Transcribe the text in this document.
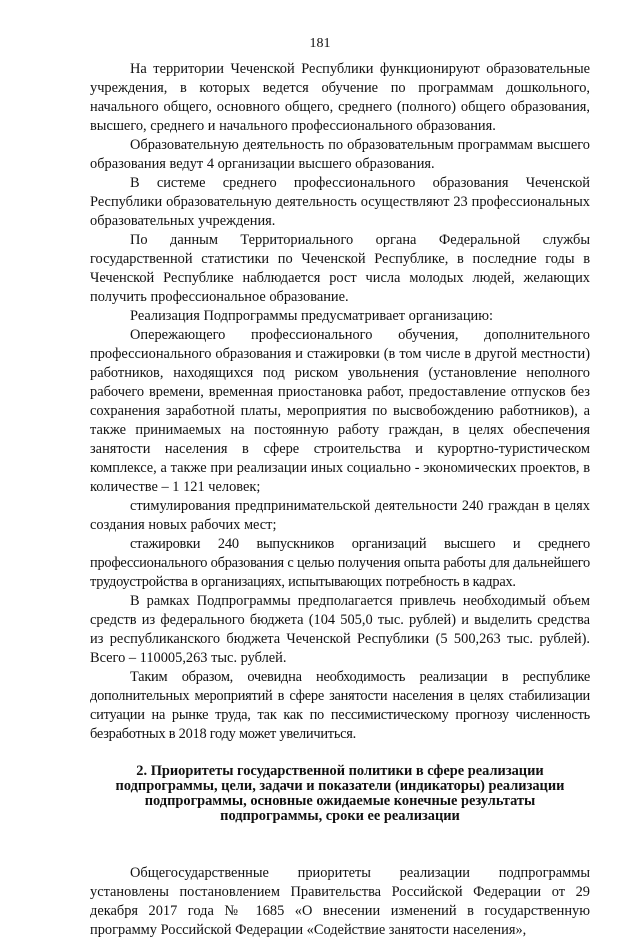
181

На территории Чеченской Республики функционируют образовательные учреждения, в которых ведется обучение по программам дошкольного, начального общего, основного общего, среднего (полного) общего образования, высшего, среднего и начального профессионального образования.

Образовательную деятельность по образовательным программам высшего образования ведут 4 организации высшего образования.

В системе среднего профессионального образования Чеченской Республики образовательную деятельность осуществляют 23 профессиональных образовательных учреждения.

По данным Территориального органа Федеральной службы государственной статистики по Чеченской Республике, в последние годы в Чеченской Республике наблюдается рост числа молодых людей, желающих получить профессиональное образование.

Реализация Подпрограммы предусматривает организацию:

Опережающего профессионального обучения, дополнительного профессионального образования и стажировки (в том числе в другой местности) работников, находящихся под риском увольнения (установление неполного рабочего времени, временная приостановка работ, предоставление отпусков без сохранения заработной платы, мероприятия по высвобождению работников), а также принимаемых на постоянную работу граждан, в целях обеспечения занятости населения в сфере строительства и курортно-туристическом комплексе, а также при реализации иных социально - экономических проектов, в количестве – 1 121 человек;

стимулирования предпринимательской деятельности 240 граждан в целях создания новых рабочих мест;

стажировки 240 выпускников организаций высшего и среднего профессионального образования с целью получения опыта работы для дальнейшего трудоустройства в организациях, испытывающих потребность в кадрах.

В рамках Подпрограммы предполагается привлечь необходимый объем средств из федерального бюджета (104 505,0 тыс. рублей) и выделить средства из республиканского бюджета Чеченской Республики (5 500,263 тыс. рублей). Всего – 110005,263 тыс. рублей.

Таким образом, очевидна необходимость реализации в республике дополнительных мероприятий в сфере занятости населения в целях стабилизации ситуации на рынке труда, так как по пессимистическому прогнозу численность безработных в 2018 году может увеличиться.

2. Приоритеты государственной политики в сфере реализации подпрограммы, цели, задачи и показатели (индикаторы) реализации подпрограммы, основные ожидаемые конечные результаты подпрограммы, сроки ее реализации

Общегосударственные приоритеты реализации подпрограммы установлены постановлением Правительства Российской Федерации от 29 декабря 2017 года № 1685 «О внесении изменений в государственную программу Российской Федерации «Содействие занятости населения»,
